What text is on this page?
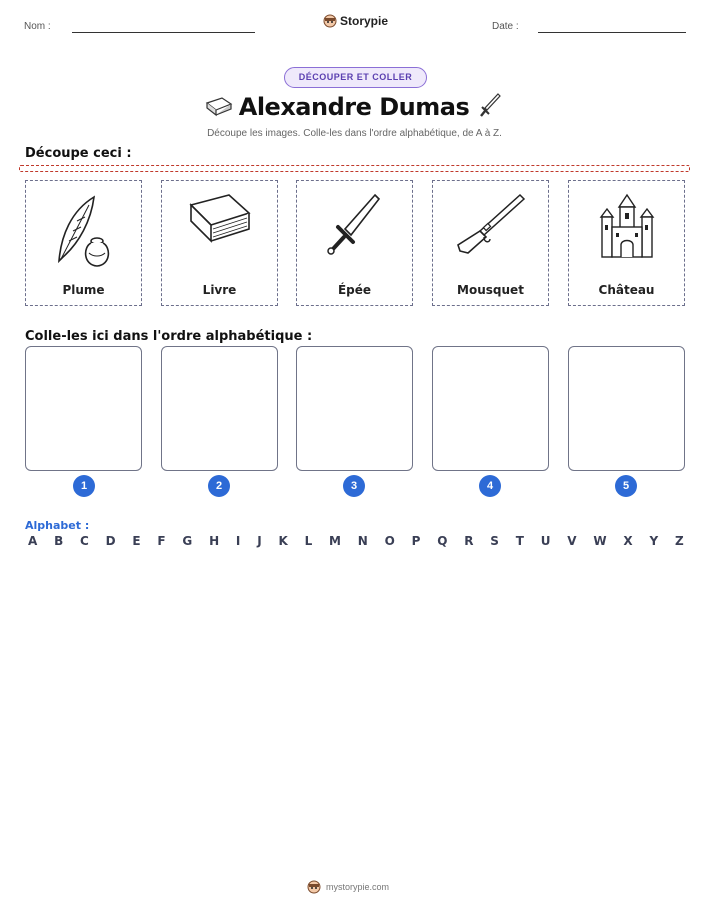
Nom :	Storypie	Date :
DÉCOUPER ET COLLER
Alexandre Dumas
Découpe les images. Colle-les dans l'ordre alphabétique, de A à Z.
Découpe ceci :
Plume	Livre	Épée	Mousquet	Château
Colle-les ici dans l'ordre alphabétique :
1	2	3	4	5
Alphabet :
A B C D E F G H I J K L M N O P Q R S T U V W X Y Z
mystorypie.com
